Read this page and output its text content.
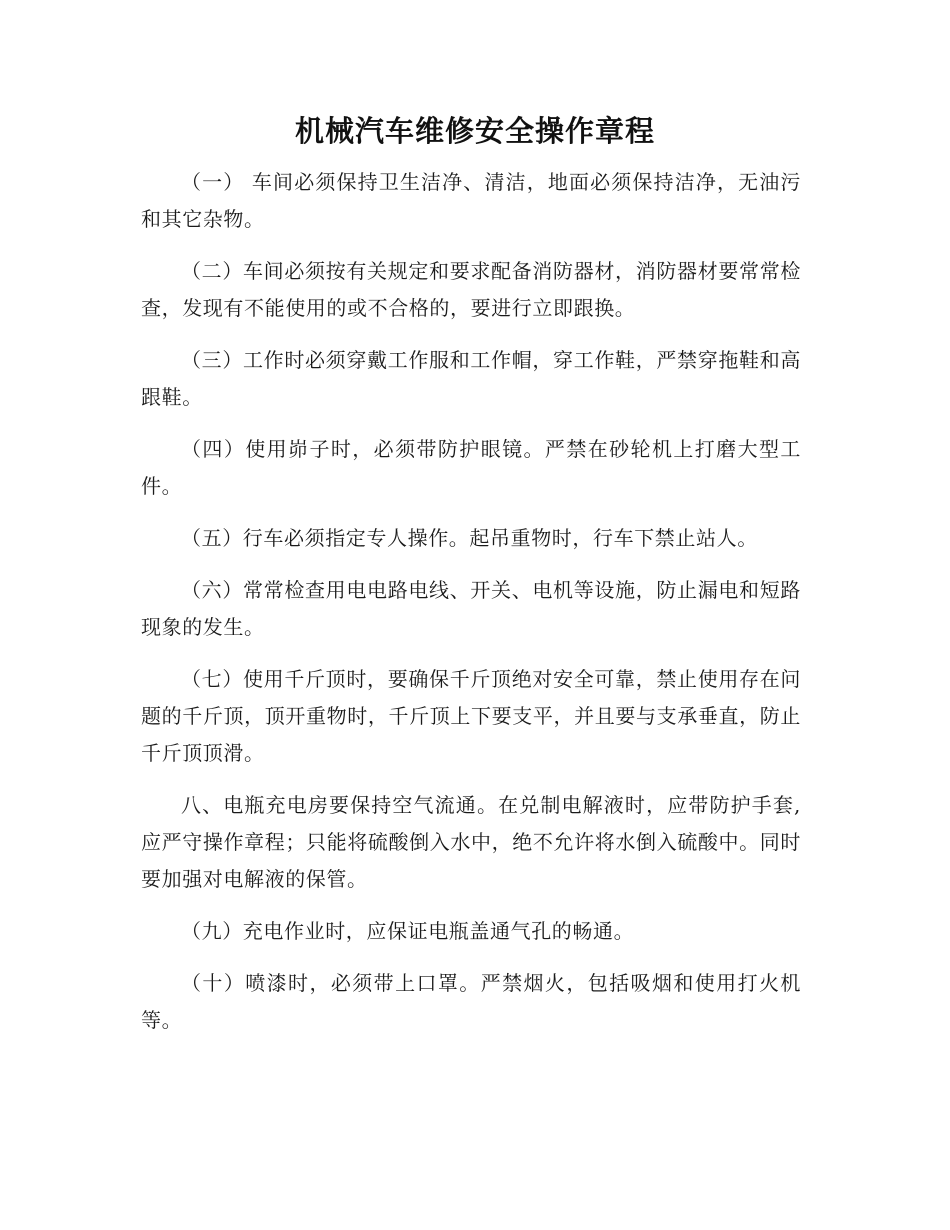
机械汽车维修安全操作章程

（一） 车间必须保持卫生洁净、清洁，地面必须保持洁净，无油污和其它杂物。

（二）车间必须按有关规定和要求配备消防器材，消防器材要常常检查，发现有不能使用的或不合格的，要进行立即跟换。

（三）工作时必须穿戴工作服和工作帽，穿工作鞋，严禁穿拖鞋和高跟鞋。

（四）使用峁子时，必须带防护眼镜。严禁在砂轮机上打磨大型工件。

（五）行车必须指定专人操作。起吊重物时，行车下禁止站人。

（六）常常检查用电电路电线、开关、电机等设施，防止漏电和短路现象的发生。

（七）使用千斤顶时，要确保千斤顶绝对安全可靠，禁止使用存在问题的千斤顶，顶开重物时，千斤顶上下要支平，并且要与支承垂直，防止千斤顶顶滑。

八、电瓶充电房要保持空气流通。在兑制电解液时，应带防护手套,应严守操作章程；只能将硫酸倒入水中，绝不允许将水倒入硫酸中。同时要加强对电解液的保管。

（九）充电作业时，应保证电瓶盖通气孔的畅通。

（十）喷漆时，必须带上口罩。严禁烟火，包括吸烟和使用打火机等。
